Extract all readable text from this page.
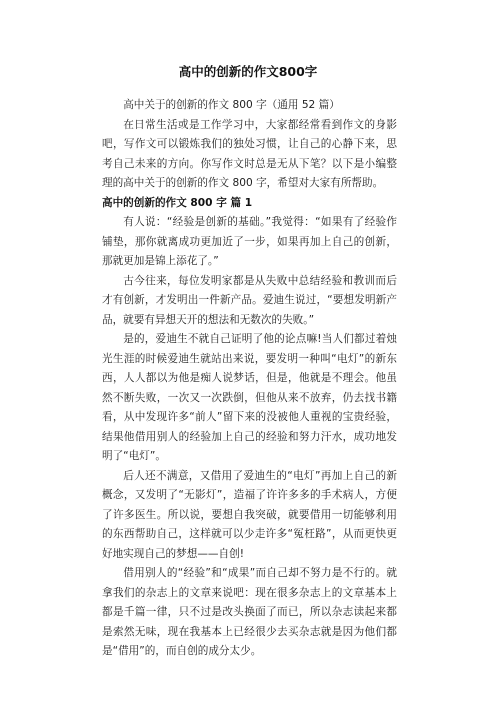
高中的创新的作文800字

高中关于的创新的作文 800 字（通用 52 篇）

在日常生活或是工作学习中，大家都经常看到作文的身影吧，写作文可以锻炼我们的独处习惯，让自己的心静下来，思考自己未来的方向。你写作文时总是无从下笔？以下是小编整理的高中关于的创新的作文 800 字，希望对大家有所帮助。

高中的创新的作文 800 字 篇 1

有人说：“经验是创新的基础。”我觉得：“如果有了经验作铺垫，那你就离成功更加近了一步，如果再加上自己的创新，那就更加是锦上添花了。”

古今往来，每位发明家都是从失败中总结经验和教训而后才有创新，才发明出一件新产品。爱迪生说过，“要想发明新产品，就要有异想天开的想法和无数次的失败。”

是的，爱迪生不就自己证明了他的论点嘛!当人们都过着烛光生涯的时候爱迪生就站出来说，要发明一种叫“电灯”的新东西，人人都以为他是痴人说梦话，但是，他就是不理会。他虽然不断失败，一次又一次跌倒，但他从来不放弃，仍去找书籍看，从中发现许多“前人”留下来的没被他人重视的宝贵经验，结果他借用别人的经验加上自己的经验和努力汗水，成功地发明了“电灯”。

后人还不满意，又借用了爱迪生的“电灯”再加上自己的新概念，又发明了“无影灯”，造福了许许多多的手术病人，方便了许多医生。所以说，要想自我突破，就要借用一切能够利用的东西帮助自己，这样就可以少走许多“冤枉路”，从而更快更好地实现自己的梦想——自创!

借用别人的“经验”和“成果”而自己却不努力是不行的。就拿我们的杂志上的文章来说吧：现在很多杂志上的文章基本上都是千篇一律，只不过是改头换面了而已，所以杂志读起来都是索然无味，现在我基本上已经很少去买杂志就是因为他们都是“借用”的，而自创的成分太少。
